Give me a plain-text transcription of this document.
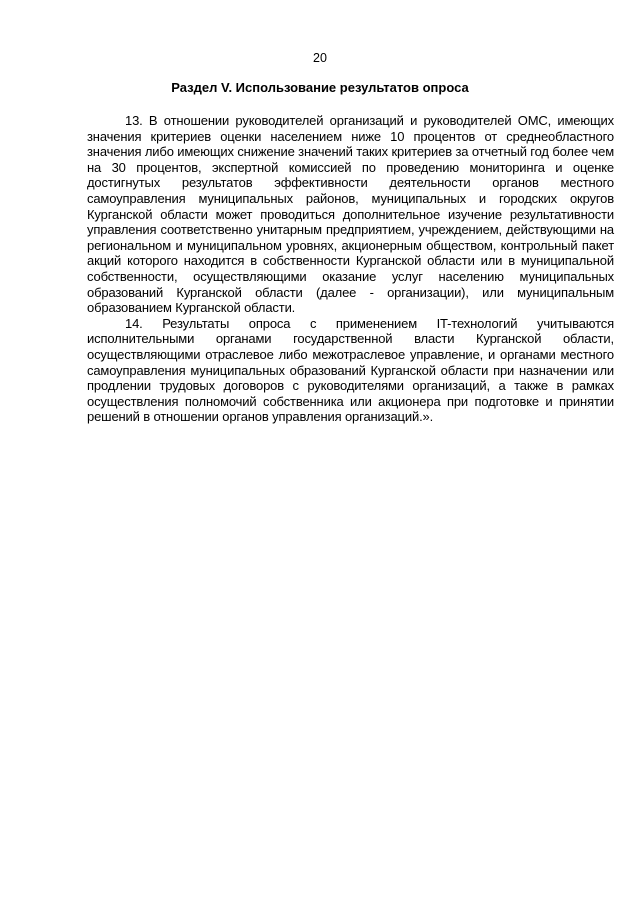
20
Раздел V. Использование результатов опроса

13. В отношении руководителей организаций и руководителей ОМС, имеющих значения критериев оценки населением ниже 10 процентов от среднеобластного значения либо имеющих снижение значений таких критериев за отчетный год более чем на 30 процентов, экспертной комиссией по проведению мониторинга и оценке достигнутых результатов эффективности деятельности органов местного самоуправления муниципальных районов, муниципальных и городских округов Курганской области может проводиться дополнительное изучение результативности управления соответственно унитарным предприятием, учреждением, действующими на региональном и муниципальном уровнях, акционерным обществом, контрольный пакет акций которого находится в собственности Курганской области или в муниципальной собственности, осуществляющими оказание услуг населению муниципальных образований Курганской области (далее - организации), или муниципальным образованием Курганской области.

14. Результаты опроса с применением IT-технологий учитываются исполнительными органами государственной власти Курганской области, осуществляющими отраслевое либо межотраслевое управление, и органами местного самоуправления муниципальных образований Курганской области при назначении или продлении трудовых договоров с руководителями организаций, а также в рамках осуществления полномочий собственника или акционера при подготовке и принятии решений в отношении органов управления организаций.».
